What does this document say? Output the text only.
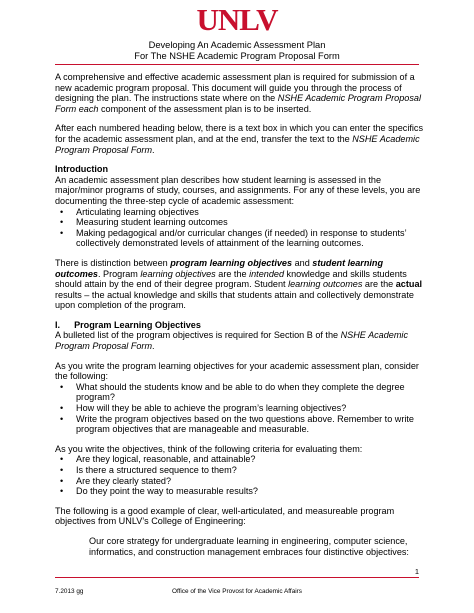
UNLV
Developing An Academic Assessment Plan
For The NSHE Academic Program Proposal Form

A comprehensive and effective academic assessment plan is required for submission of a new academic program proposal. This document will guide you through the process of designing the plan. The instructions state where on the NSHE Academic Program Proposal Form each component of the assessment plan is to be inserted.

After each numbered heading below, there is a text box in which you can enter the specifics for the academic assessment plan, and at the end, transfer the text to the NSHE Academic Program Proposal Form.

Introduction

An academic assessment plan describes how student learning is assessed in the major/minor programs of study, courses, and assignments. For any of these levels, you are documenting the three-step cycle of academic assessment:

• Articulating learning objectives
• Measuring student learning outcomes
• Making pedagogical and/or curricular changes (if needed) in response to students’ collectively demonstrated levels of attainment of the learning outcomes.

There is distinction between program learning objectives and student learning outcomes. Program learning objectives are the intended knowledge and skills students should attain by the end of their degree program. Student learning outcomes are the actual results – the actual knowledge and skills that students attain and collectively demonstrate upon completion of the program.

I. Program Learning Objectives

A bulleted list of the program objectives is required for Section B of the NSHE Academic Program Proposal Form.

As you write the program learning objectives for your academic assessment plan, consider the following:

• What should the students know and be able to do when they complete the degree program?
• How will they be able to achieve the program’s learning objectives?
• Write the program objectives based on the two questions above. Remember to write program objectives that are manageable and measurable.

As you write the objectives, think of the following criteria for evaluating them:

• Are they logical, reasonable, and attainable?
• Is there a structured sequence to them?
• Are they clearly stated?
• Do they point the way to measurable results?

The following is a good example of clear, well-articulated, and measureable program objectives from UNLV’s College of Engineering:

Our core strategy for undergraduate learning in engineering, computer science, informatics, and construction management embraces four distinctive objectives:

1
7.2013 gg	Office of the Vice Provost for Academic Affairs
